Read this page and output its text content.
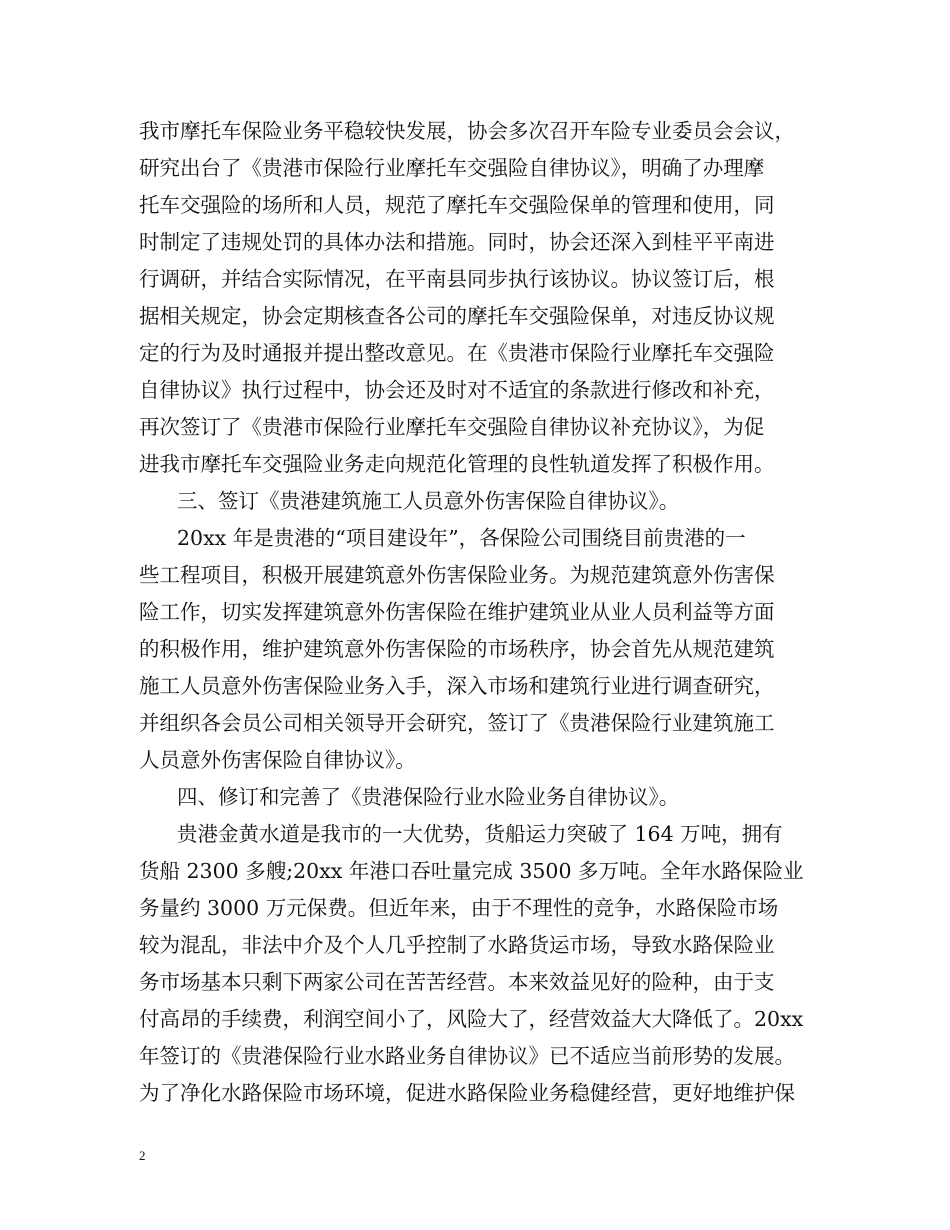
我市摩托车保险业务平稳较快发展，协会多次召开车险专业委员会会议，
研究出台了《贵港市保险行业摩托车交强险自律协议》，明确了办理摩
托车交强险的场所和人员，规范了摩托车交强险保单的管理和使用，同
时制定了违规处罚的具体办法和措施。同时，协会还深入到桂平平南进
行调研，并结合实际情况，在平南县同步执行该协议。协议签订后，根
据相关规定，协会定期核查各公司的摩托车交强险保单，对违反协议规
定的行为及时通报并提出整改意见。在《贵港市保险行业摩托车交强险
自律协议》执行过程中，协会还及时对不适宜的条款进行修改和补充，
再次签订了《贵港市保险行业摩托车交强险自律协议补充协议》，为促
进我市摩托车交强险业务走向规范化管理的良性轨道发挥了积极作用。
三、签订《贵港建筑施工人员意外伤害保险自律协议》。
20xx 年是贵港的“项目建设年”，各保险公司围绕目前贵港的一
些工程项目，积极开展建筑意外伤害保险业务。为规范建筑意外伤害保
险工作，切实发挥建筑意外伤害保险在维护建筑业从业人员利益等方面
的积极作用，维护建筑意外伤害保险的市场秩序，协会首先从规范建筑
施工人员意外伤害保险业务入手，深入市场和建筑行业进行调查研究，
并组织各会员公司相关领导开会研究，签订了《贵港保险行业建筑施工
人员意外伤害保险自律协议》。
四、修订和完善了《贵港保险行业水险业务自律协议》。
贵港金黄水道是我市的一大优势，货船运力突破了 164 万吨，拥有
货船 2300 多艘;20xx 年港口吞吐量完成 3500 多万吨。全年水路保险业
务量约 3000 万元保费。但近年来，由于不理性的竞争，水路保险市场
较为混乱，非法中介及个人几乎控制了水路货运市场，导致水路保险业
务市场基本只剩下两家公司在苦苦经营。本来效益见好的险种，由于支
付高昂的手续费，利润空间小了，风险大了，经营效益大大降低了。20xx
年签订的《贵港保险行业水路业务自律协议》已不适应当前形势的发展。
为了净化水路保险市场环境，促进水路保险业务稳健经营，更好地维护保
2
